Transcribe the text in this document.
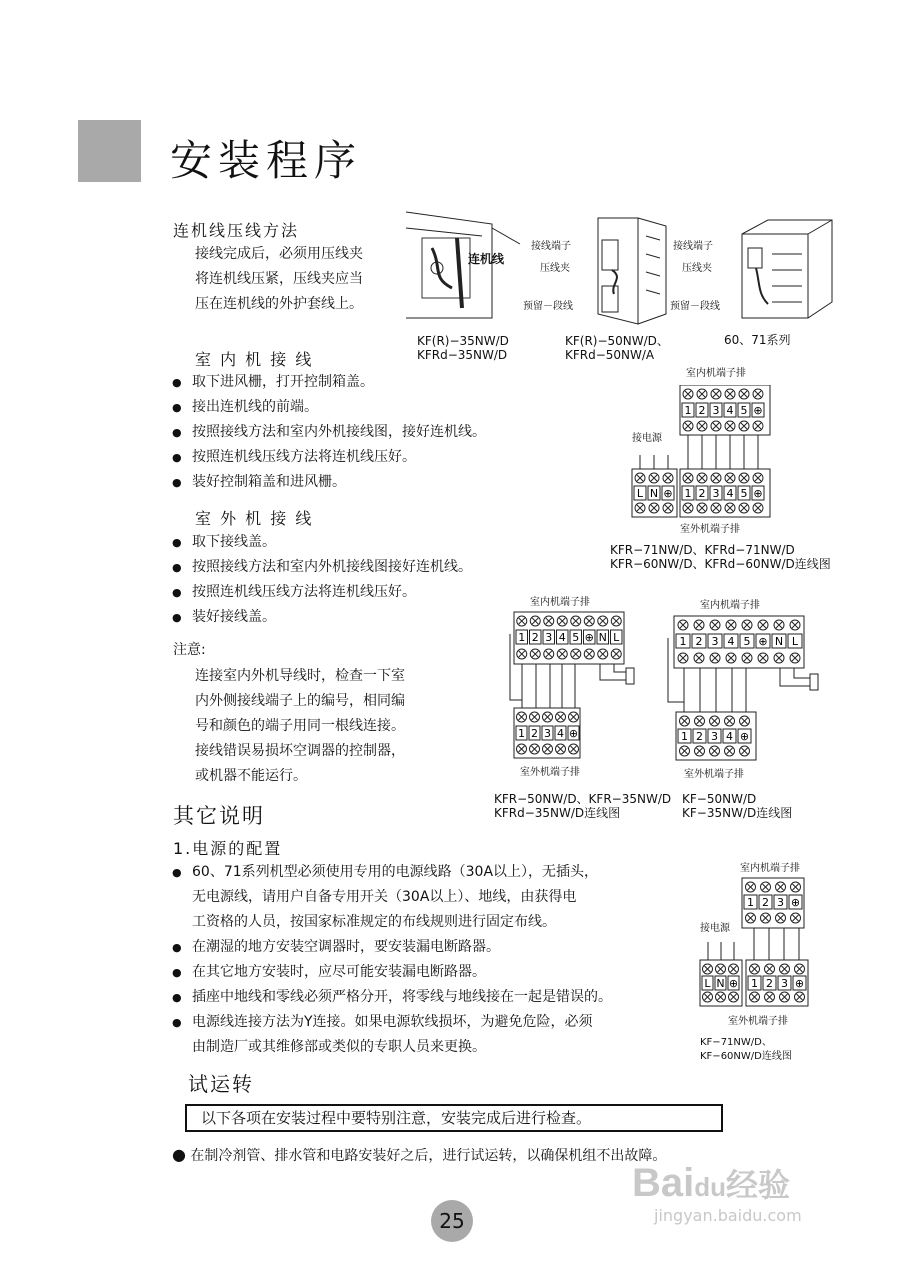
安装程序
连机线压线方法
接线完成后，必须用压线夹
将连机线压紧，压线夹应当
压在连机线的外护套线上。
连机线
KF(R)−35NW/D
KFRd−35NW/D
接线端子
压线夹
预留－段线
KF(R)−50NW/D、
KFRd−50NW/A
接线端子
压线夹
预留－段线
60、71系列
室 内 机 接 线
● 取下进风栅，打开控制箱盖。
● 接出连机线的前端。
● 按照接线方法和室内外机接线图，接好连机线。
● 按照连机线压线方法将连机线压好。
● 装好控制箱盖和进风栅。
室 外 机 接 线
● 取下接线盖。
● 按照接线方法和室内外机接线图接好连机线。
● 按照连机线压线方法将连机线压好。
● 装好接线盖。
注意:
连接室内外机导线时，检查一下室
内外侧接线端子上的编号，相同编
号和颜色的端子用同一根线连接。
接线错误易损坏空调器的控制器，
或机器不能运行。
室内机端子排
接电源
1 2 3 4 5 ⊕
L N ⊕ 1 2 3 4 5 ⊕
室外机端子排
KFR−71NW/D、KFRd−71NW/D
KFR−60NW/D、KFRd−60NW/D连线图
室内机端子排
1 2 3 4 5 ⊕ N L
1 2 3 4 ⊕
室外机端子排
KFR−50NW/D、KFR−35NW/D
KFRd−35NW/D连线图
室内机端子排
1 2 3 4 5 ⊕ N L
1 2 3 4 ⊕
室外机端子排
KF−50NW/D
KF−35NW/D连线图
其它说明
1.电源的配置
● 60、71系列机型必须使用专用的电源线路（30A以上），无插头，
无电源线，请用户自备专用开关（30A以上）、地线，由获得电
工资格的人员，按国家标准规定的布线规则进行固定布线。
● 在潮湿的地方安装空调器时，要安装漏电断路器。
● 在其它地方安装时，应尽可能安装漏电断路器。
● 插座中地线和零线必须严格分开，将零线与地线接在一起是错误的。
● 电源线连接方法为Y连接。如果电源软线损坏，为避免危险，必须
由制造厂或其维修部或类似的专职人员来更换。
室内机端子排
接电源
1 2 3 ⊕
L N ⊕ 1 2 3 ⊕
室外机端子排
KF−71NW/D、
KF−60NW/D连线图
试运转
以下各项在安装过程中要特别注意，安装完成后进行检查。
● 在制冷剂管、排水管和电路安装好之后，进行试运转，以确保机组不出故障。
25
Baidu经验
jingyan.baidu.com
